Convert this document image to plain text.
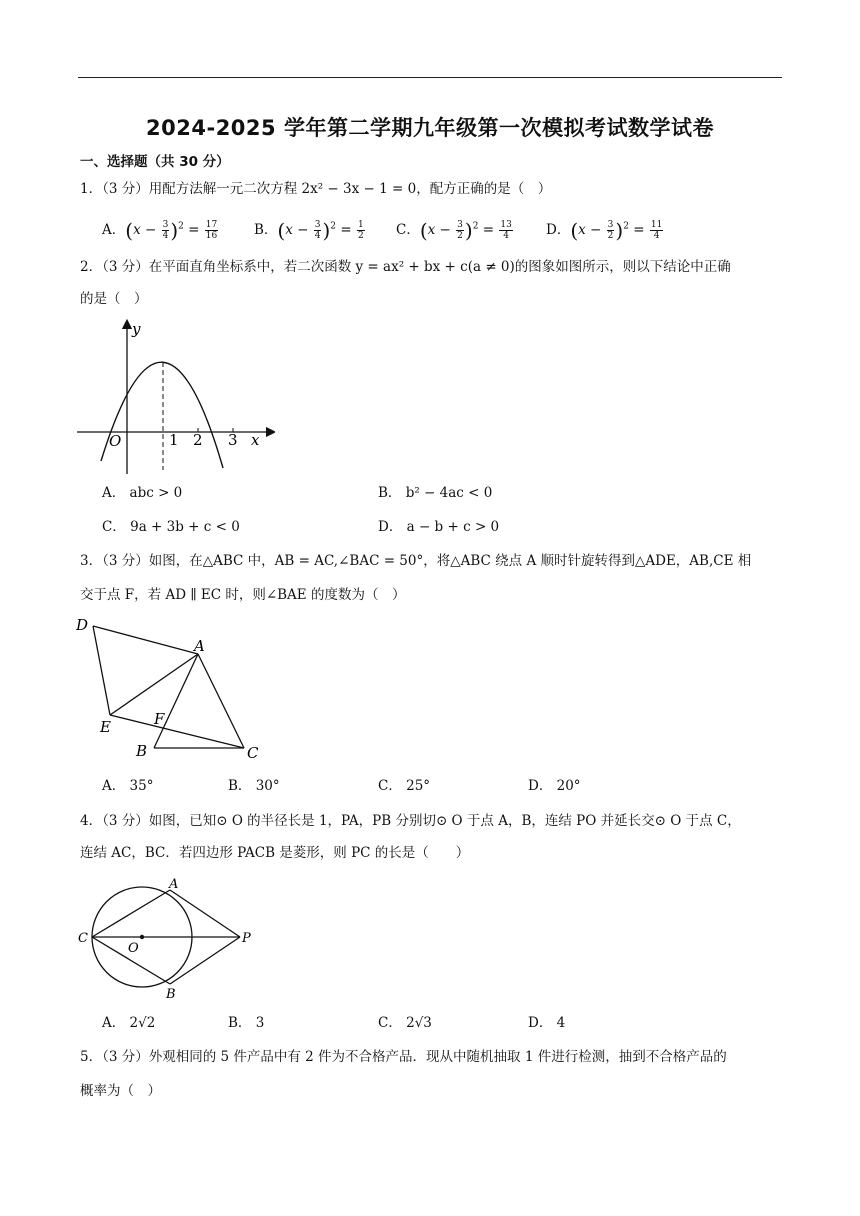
2024-2025 学年第二学期九年级第一次模拟考试数学试卷
一、选择题（共 30 分）
1．（3 分）用配方法解一元二次方程 2x² − 3x − 1 = 0，配方正确的是（　）
A．$(x - \frac{3}{4} )^2 = \frac{17}{16}$	B．$(x - \frac{3}{4} )^2 = \frac{1}{2}$ C．$(x - \frac{3}{2} )^2 = \frac{13}{4}$ D．$(x - \frac{3}{2} )^2 = \frac{11}{4}$
2．（3 分）在平面直角坐标系中，若二次函数 y = ax² + bx + c(a ≠ 0)的图象如图所示，则以下结论中正确
的是（　）
y
x
O	1 2 3
A． abc > 0	B． b² − 4ac < 0
C． 9a + 3b + c < 0	D． a − b + c > 0
3．（3 分）如图，在△ABC 中，AB = AC,∠BAC = 50°，将△ABC 绕点 A 顺时针旋转得到△ADE，AB,CE 相
交于点 F，若 AD ∥ EC 时，则∠BAE 的度数为（　）
D
A
E	F
B	C
A． 35°	B． 30°	C． 25°	D． 20°
4．（3 分）如图，已知⊙ O 的半径长是 1，PA，PB 分别切⊙ O 于点 A，B，连结 PO 并延长交⊙ O 于点 C，
连结 AC，BC．若四边形 PACB 是菱形，则 PC 的长是（　　）
A
B
C
O
P
A． 2√2	B． 3	C． 2√3	D． 4
5．（3 分）外观相同的 5 件产品中有 2 件为不合格产品．现从中随机抽取 1 件进行检测，抽到不合格产品的
概率为（　）
